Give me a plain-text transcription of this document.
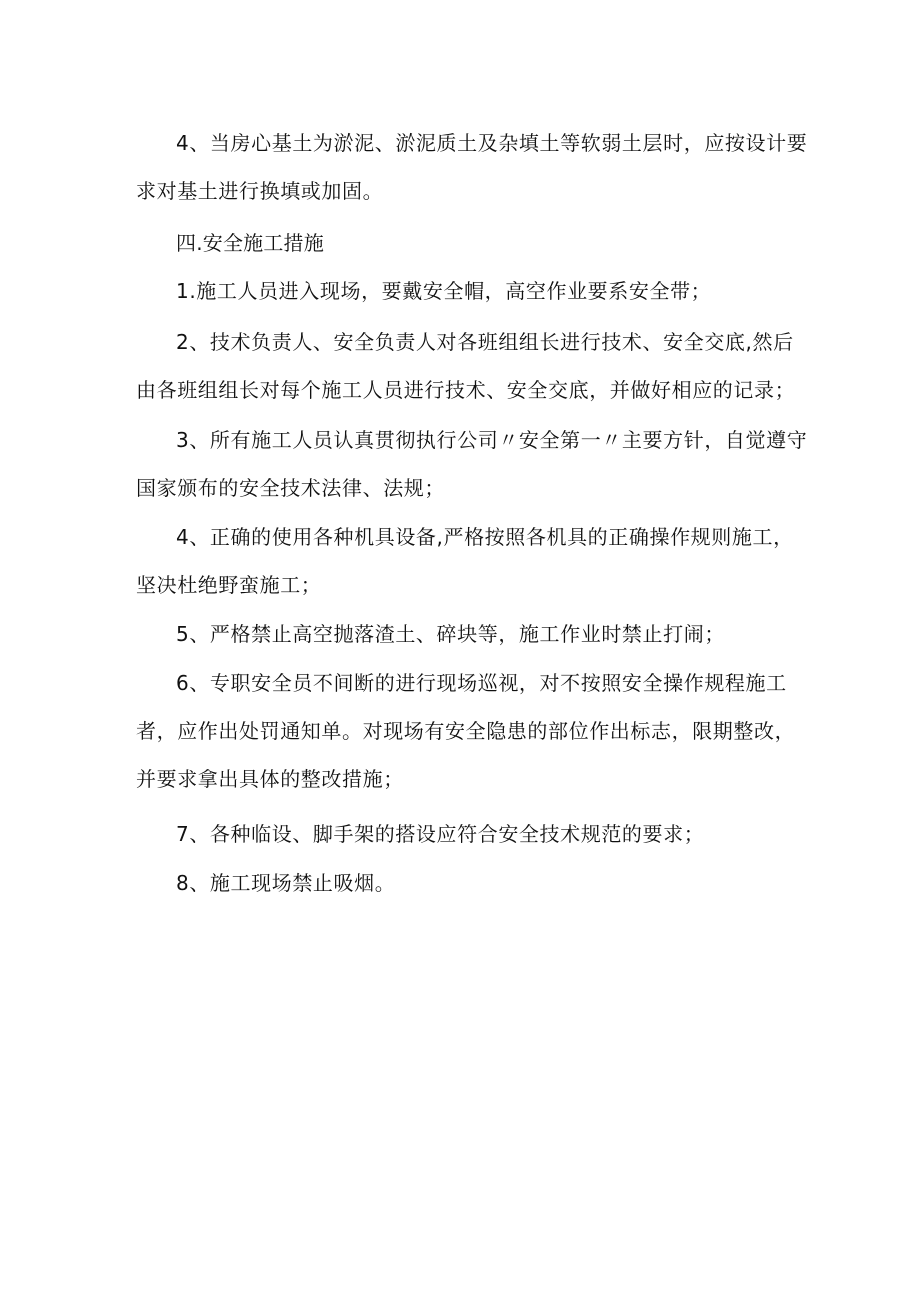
4、当房心基土为淤泥、淤泥质土及杂填土等软弱土层时，应按设计要
求对基土进行换填或加固。
四.安全施工措施
1.施工人员进入现场，要戴安全帽，高空作业要系安全带；
2、技术负责人、安全负责人对各班组组长进行技术、安全交底,然后
由各班组组长对每个施工人员进行技术、安全交底，并做好相应的记录；
3、所有施工人员认真贯彻执行公司〃安全第一〃主要方针，自觉遵守
国家颁布的安全技术法律、法规；
4、正确的使用各种机具设备,严格按照各机具的正确操作规则施工，
坚决杜绝野蛮施工；
5、严格禁止高空抛落渣土、碎块等，施工作业时禁止打闹；
6、专职安全员不间断的进行现场巡视，对不按照安全操作规程施工
者，应作出处罚通知单。对现场有安全隐患的部位作出标志，限期整改，
并要求拿出具体的整改措施；
7、各种临设、脚手架的搭设应符合安全技术规范的要求；
8、施工现场禁止吸烟。
